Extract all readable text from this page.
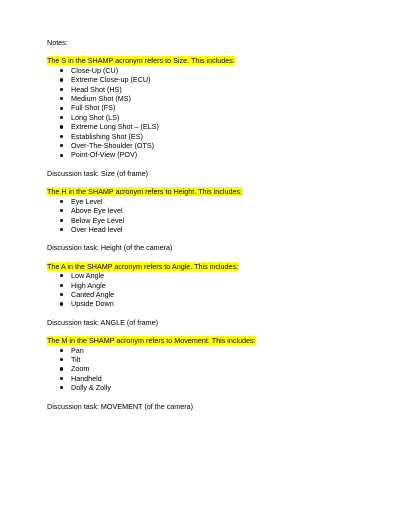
Notes:

The S in the SHAMP acronym refers to Size. This includes:

Close-Up (CU)
Extreme Close-up (ECU)
Head Shot (HS)
Medium Shot (MS)
Full Shot (FS)
Long Shot (LS)
Extreme Long Shot – (ELS)
Establishing Shot (ES)
Over-The-Shoulder (OTS)
Point-Of-View (POV)

Discussion task: Size (of frame)

The H in the SHAMP acronym refers to Height. This includes:

Eye Level
Above Eye level
Below Eye Level
Over Head level

Discussion task: Height (of the camera)

The A in the SHAMP acronym refers to Angle. This includes:

Low Angle
High Angle
Canted Angle
Upside Down

Discussion task: ANGLE (of frame)

The M in the SHAMP acronym refers to Movement. This includes:

Pan
Tilt
Zoom
Handheld
Dolly & Zolly

Discussion task: MOVEMENT (of the camera)
